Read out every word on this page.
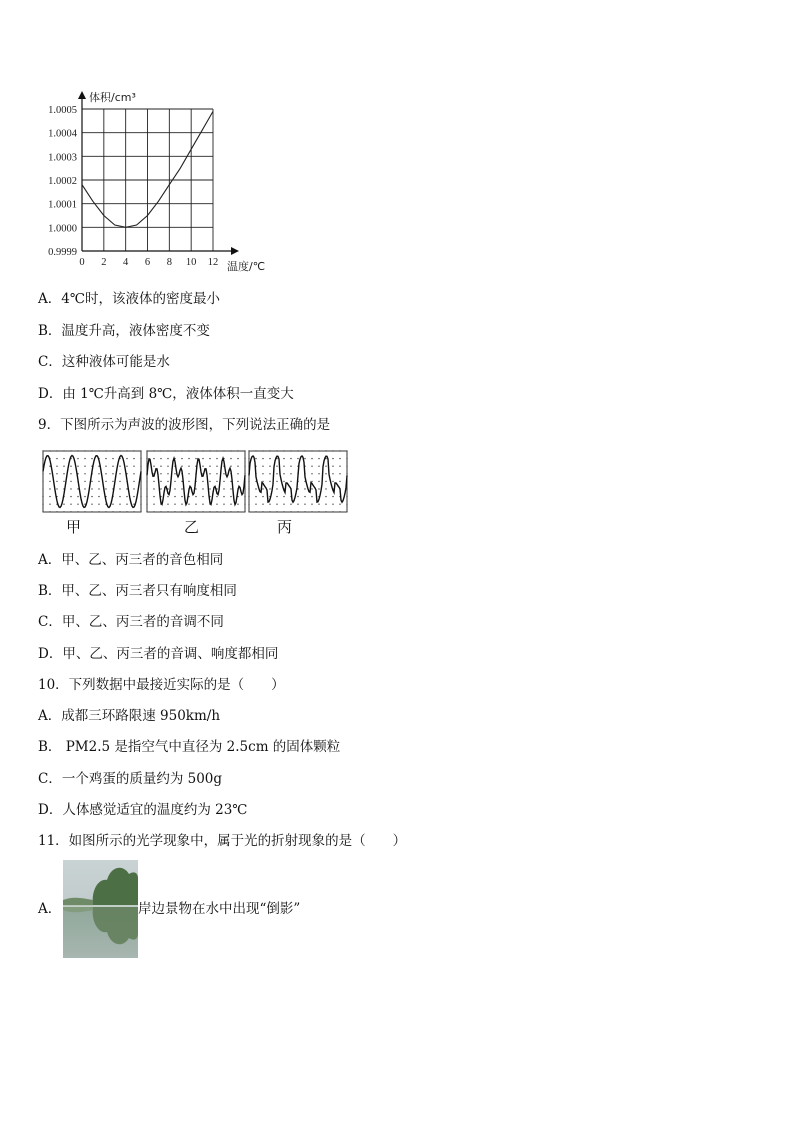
0.9999
1.0000
1.0001
1.0002
1.0003
1.0004
1.0005
0 2 4 6 8 10 12
体积/cm³
温度/℃
A．4℃时，该液体的密度最小
B．温度升高，液体密度不变
C．这种液体可能是水
D．由 1℃升高到 8℃，液体体积一直变大
9．下图所示为声波的波形图，下列说法正确的是
甲	乙	丙
A．甲、乙、丙三者的音色相同
B．甲、乙、丙三者只有响度相同
C．甲、乙、丙三者的音调不同
D．甲、乙、丙三者的音调、响度都相同
10．下列数据中最接近实际的是（　　）
A．成都三环路限速 950km/h
B． PM2.5 是指空气中直径为 2.5cm 的固体颗粒
C．一个鸡蛋的质量约为 500g
D．人体感觉适宜的温度约为 23℃
11．如图所示的光学现象中，属于光的折射现象的是（　　）
A．	岸边景物在水中出现“倒影”
